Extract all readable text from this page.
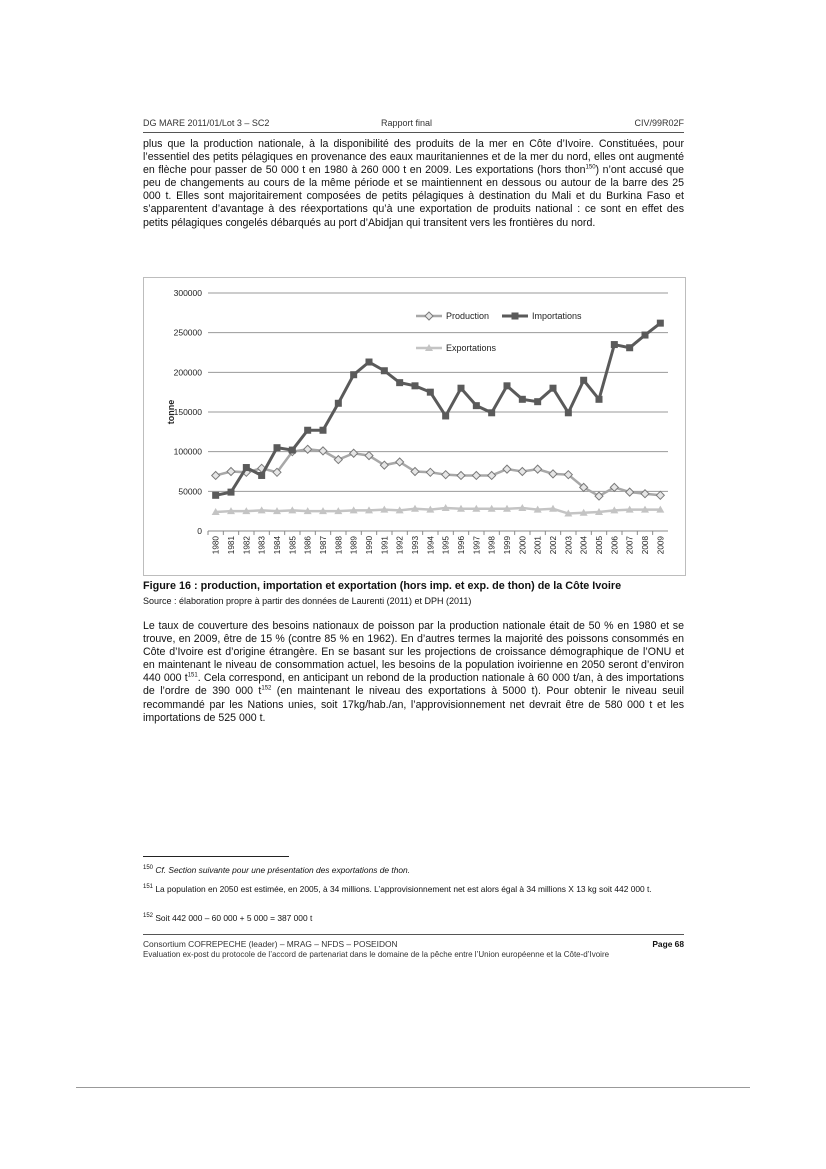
DG MARE 2011/01/Lot 3 – SC2	Rapport final	CIV/99R02F
plus que la production nationale, à la disponibilité des produits de la mer en Côte d’Ivoire. Constituées, pour l’essentiel des petits pélagiques en provenance des eaux mauritaniennes et de la mer du nord, elles ont augmenté en flèche pour passer de 50 000 t en 1980 à 260 000 t en 2009. Les exportations (hors thon$^{150}$) n’ont accusé que peu de changements au cours de la même période et se maintiennent en dessous ou autour de la barre des 25 000 t. Elles sont majoritairement composées de petits pélagiques à destination du Mali et du Burkina Faso et s’apparentent d’avantage à des réexportations qu’à une exportation de produits national : ce sont en effet des petits pélagiques congelés débarqués au port d’Abidjan qui transitent vers les frontières du nord.
0
50000
100000
150000
200000
250000
300000
tonne
1980 1981 1982 1983 1984 1985 1986 1987 1988 1989 1990 1991 1992 1993 1994 1995 1996 1997 1998 1999 2000 2001 2002 2003 2004 2005 2006 2007 2008 2009
Production	Importations
Exportations
Figure 16 : production, importation et exportation (hors imp. et exp. de thon) de la Côte Ivoire
Source : élaboration propre à partir des données de Laurenti (2011) et DPH (2011)
Le taux de couverture des besoins nationaux de poisson par la production nationale était de 50 % en 1980 et se trouve, en 2009, être de 15 % (contre 85 % en 1962). En d’autres termes la majorité des poissons consommés en Côte d’Ivoire est d’origine étrangère. En se basant sur les projections de croissance démographique de l’ONU et en maintenant le niveau de consommation actuel, les besoins de la population ivoirienne en 2050 seront d’environ 440 000 $t^{151}$. Cela correspond, en anticipant un rebond de la production nationale à 60 000 t/an, à des importations de l’ordre de 390 000 $t^{152}$ (en maintenant le niveau des exportations à 5000 t). Pour obtenir le niveau seuil recommandé par les Nations unies, soit 17kg/hab./an, l’approvisionnement net devrait être de 580 000 t et les importations de 525 000 t.
$^{150}$ Cf. Section suivante pour une présentation des exportations de thon.
$^{151}$ La population en 2050 est estimée, en 2005, à 34 millions. L’approvisionnement net est alors égal à 34 millions X 13 kg soit 442 000 t.
$^{152}$ Soit 442 000 – 60 000 + 5 000 = 387 000 t
Consortium COFREPECHE (leader) – MRAG – NFDS – POSEIDON	Page 68
Evaluation ex-post du protocole de l’accord de partenariat dans le domaine de la pêche entre l’Union européenne et la Côte-d’Ivoire
